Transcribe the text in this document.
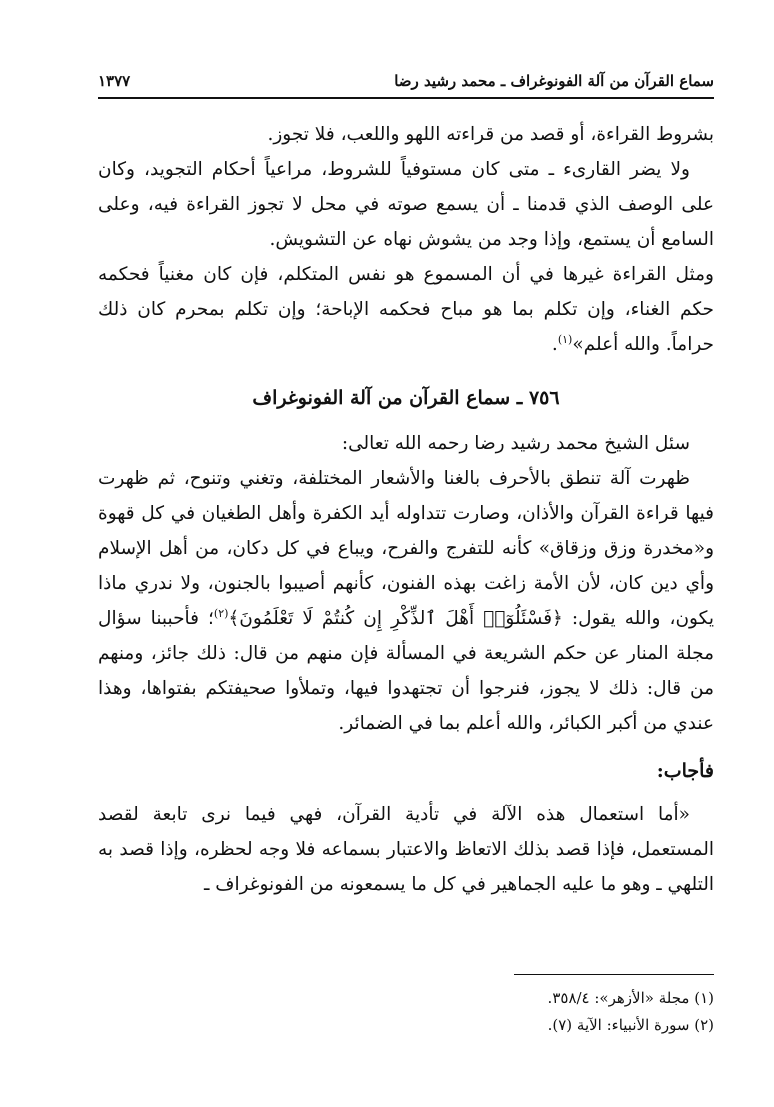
سماع القرآن من آلة الفونوغراف ـ محمد رشيد رضا
١٣٧٧

بشروط القراءة، أو قصد من قراءته اللهو واللعب، فلا تجوز.

ولا يضر القارىء ـ متى كان مستوفياً للشروط، مراعياً أحكام التجويد، وكان على الوصف الذي قدمنا ـ أن يسمع صوته في محل لا تجوز القراءة فيه، وعلى السامع أن يستمع، وإذا وجد من يشوش نهاه عن التشويش.

ومثل القراءة غيرها في أن المسموع هو نفس المتكلم، فإن كان مغنياً فحكمه حكم الغناء، وإن تكلم بما هو مباح فحكمه الإباحة؛ وإن تكلم بمحرم كان ذلك حراماً. والله أعلم»$^{(١)}$.

٧٥٦ ـ سماع القرآن من آلة الفونوغراف

سئل الشيخ محمد رشيد رضا رحمه الله تعالى:

ظهرت آلة تنطق بالأحرف بالغنا والأشعار المختلفة، وتغني وتنوح، ثم ظهرت فيها قراءة القرآن والأذان، وصارت تتداوله أيد الكفرة وأهل الطغيان في كل قهوة و«مخدرة وزق وزقاق» كأنه للتفرج والفرح، ويباع في كل دكان، من أهل الإسلام وأي دين كان، لأن الأمة زاغت بهذه الفنون، كأنهم أصيبوا بالجنون، ولا ندري ماذا يكون، والله يقول: ﴿فَسْئَلُوٓا۟ أَهْلَ ٱلذِّكْرِ إِن كُنتُمْ لَا تَعْلَمُونَ﴾$^{(٢)}$؛ فأحببنا سؤال مجلة المنار عن حكم الشريعة في المسألة فإن منهم من قال: ذلك جائز، ومنهم من قال: ذلك لا يجوز، فنرجوا أن تجتهدوا فيها، وتملأوا صحيفتكم بفتواها، وهذا عندي من أكبر الكبائر، والله أعلم بما في الضمائر.

فأجاب:

«أما استعمال هذه الآلة في تأدية القرآن، فهي فيما نرى تابعة لقصد المستعمل، فإذا قصد بذلك الاتعاظ والاعتبار بسماعه فلا وجه لحظره، وإذا قصد به التلهي ـ وهو ما عليه الجماهير في كل ما يسمعونه من الفونوغراف ـ

(١) مجلة «الأزهر»: ٣٥٨/٤.
(٢) سورة الأنبياء: الآية (٧).
